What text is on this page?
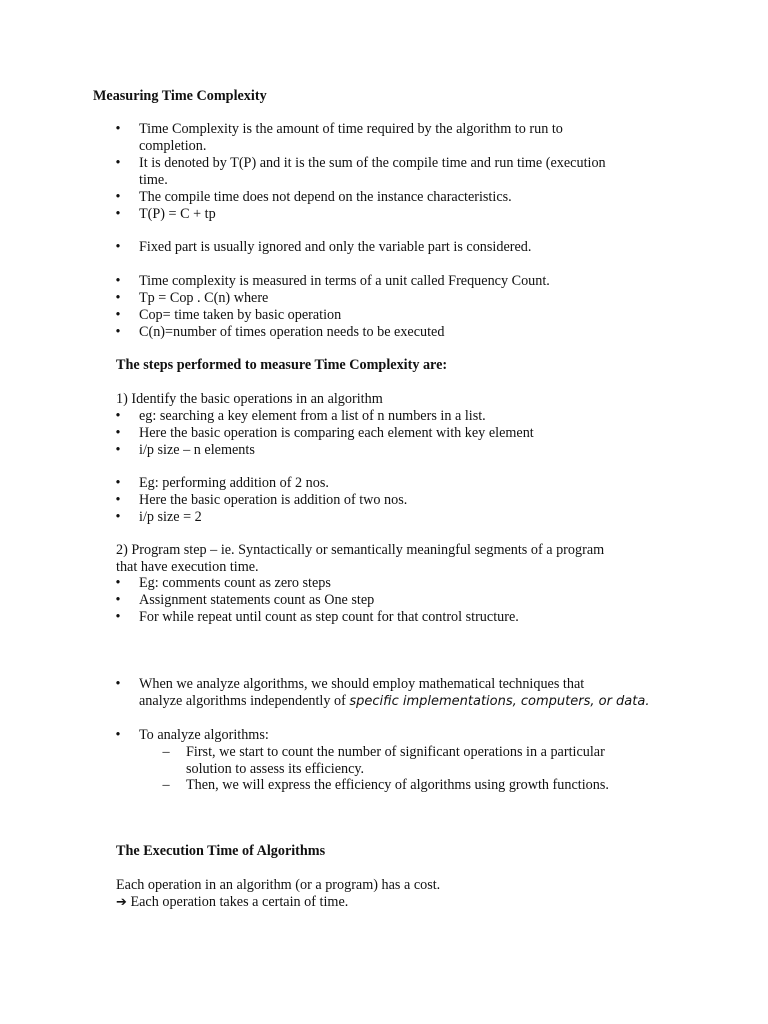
Measuring Time Complexity
• Time Complexity is the amount of time required by the algorithm to run to
completion.
• It is denoted by T(P) and it is the sum of the compile time and run time (execution
time.
• The compile time does not depend on the instance characteristics.
• T(P) = C + tp
• Fixed part is usually ignored and only the variable part is considered.
• Time complexity is measured in terms of a unit called Frequency Count.
• Tp = Cop . C(n) where
• Cop= time taken by basic operation
• C(n)=number of times operation needs to be executed
The steps performed to measure Time Complexity are:
1) Identify the basic operations in an algorithm
• eg: searching a key element from a list of n numbers in a list.
• Here the basic operation is comparing each element with key element
• i/p size – n elements
• Eg: performing addition of 2 nos.
• Here the basic operation is addition of two nos.
• i/p size = 2
2) Program step – ie. Syntactically or semantically meaningful segments of a program
that have execution time.
• Eg: comments count as zero steps
• Assignment statements count as One step
• For while repeat until count as step count for that control structure.
• When we analyze algorithms, we should employ mathematical techniques that
analyze algorithms independently of specific implementations, computers, or data.
• To analyze algorithms:
– First, we start to count the number of significant operations in a particular
solution to assess its efficiency.
– Then, we will express the efficiency of algorithms using growth functions.
The Execution Time of Algorithms
Each operation in an algorithm (or a program) has a cost.
➔ Each operation takes a certain of time.
